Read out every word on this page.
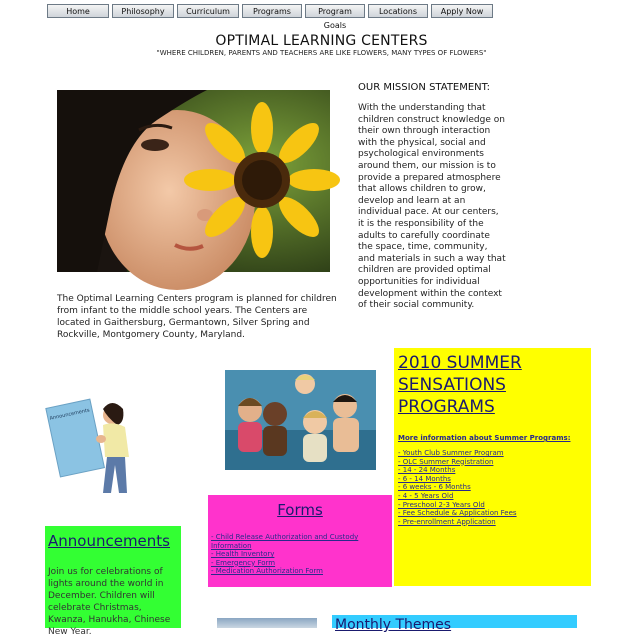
Home	Philosophy	Curriculum	Programs	Program Goals
Locations	Apply Now
OPTIMAL LEARNING CENTERS
"WHERE CHILDREN, PARENTS AND TEACHERS ARE LIKE FLOWERS, MANY TYPES OF FLOWERS"
OUR MISSION STATEMENT:
With the understanding that children construct knowledge on their own through interaction with the physical, social and psychological environments around them, our mission is to provide a prepared atmosphere that allows children to grow, develop and learn at an individual pace. At our centers, it is the responsibility of the adults to carefully coordinate the space, time, community, and materials in such a way that children are provided optimal opportunities for individual development within the context of their social community.
The Optimal Learning Centers program is planned for children from infant to the middle school years. The Centers are located in Gaithersburg, Germantown, Silver Spring and Rockville, Montgomery County, Maryland.
Announcements
2010 SUMMER
SENSATIONS
PROGRAMS
More information about Summer Programs:
- Youth Club Summer Program
- OLC Summer Registration
- 14 - 24 Months
- 6 - 14 Months
- 6 weeks - 6 Months
- 4 - 5 Years Old
- Preschool 2-3 Years Old
- Fee Schedule & Application Fees
- Pre-enrollment Application
Forms
- Child Release Authorization and Custody Information
- Health Inventory
- Emergency Form
- Medication Authorization Form
Announcements
Join us for celebrations of lights around the world in December. Children will celebrate Christmas, Kwanza, Hanukha, Chinese New Year.	Monthly Themes
